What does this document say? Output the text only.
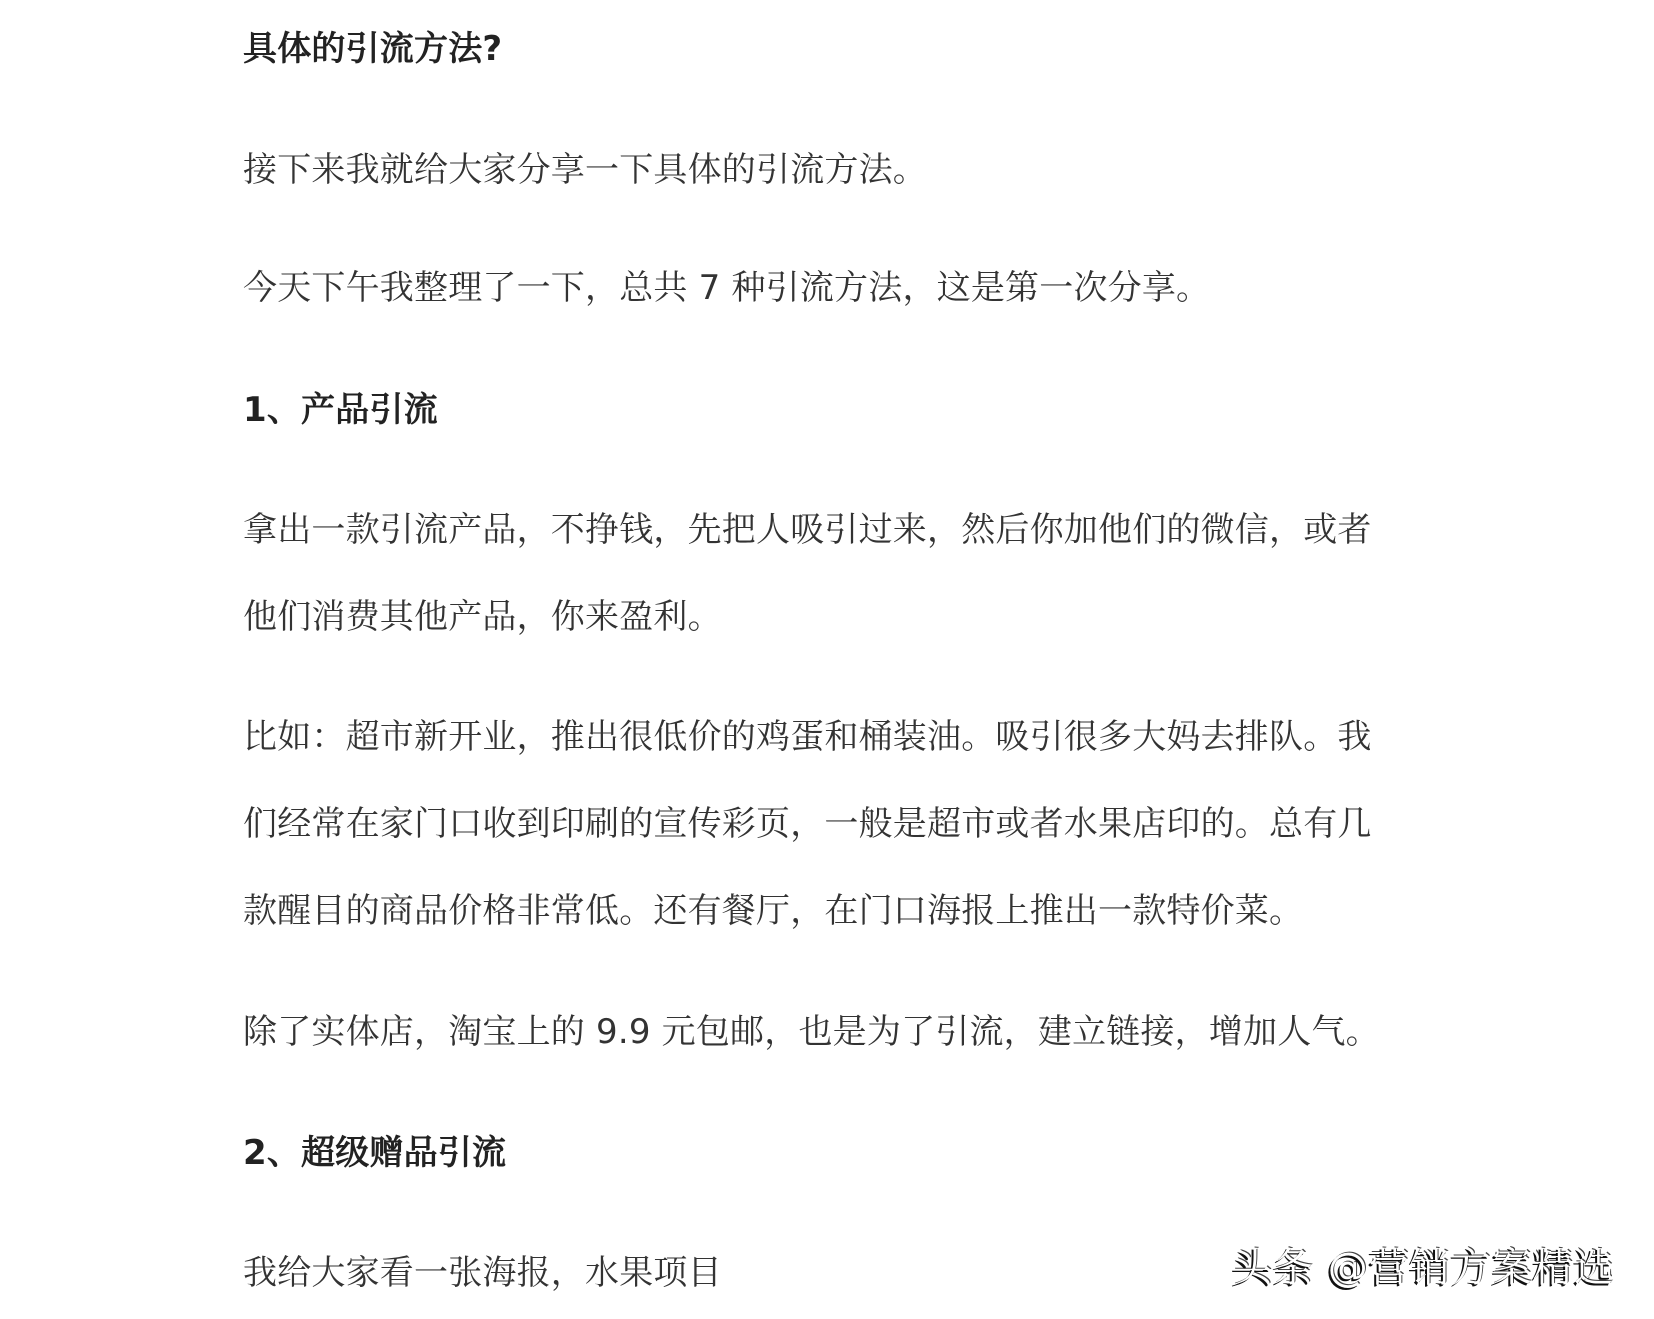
具体的引流方法?
接下来我就给大家分享一下具体的引流方法。
今天下午我整理了一下，总共 7 种引流方法，这是第一次分享。
1、产品引流
拿出一款引流产品，不挣钱，先把人吸引过来，然后你加他们的微信，或者他们消费其他产品，你来盈利。
比如：超市新开业，推出很低价的鸡蛋和桶装油。吸引很多大妈去排队。我们经常在家门口收到印刷的宣传彩页，一般是超市或者水果店印的。总有几款醒目的商品价格非常低。还有餐厅，在门口海报上推出一款特价菜。
除了实体店，淘宝上的 9.9 元包邮，也是为了引流，建立链接，增加人气。
2、超级赠品引流
我给大家看一张海报，水果项目	头条 @营销方案精选
